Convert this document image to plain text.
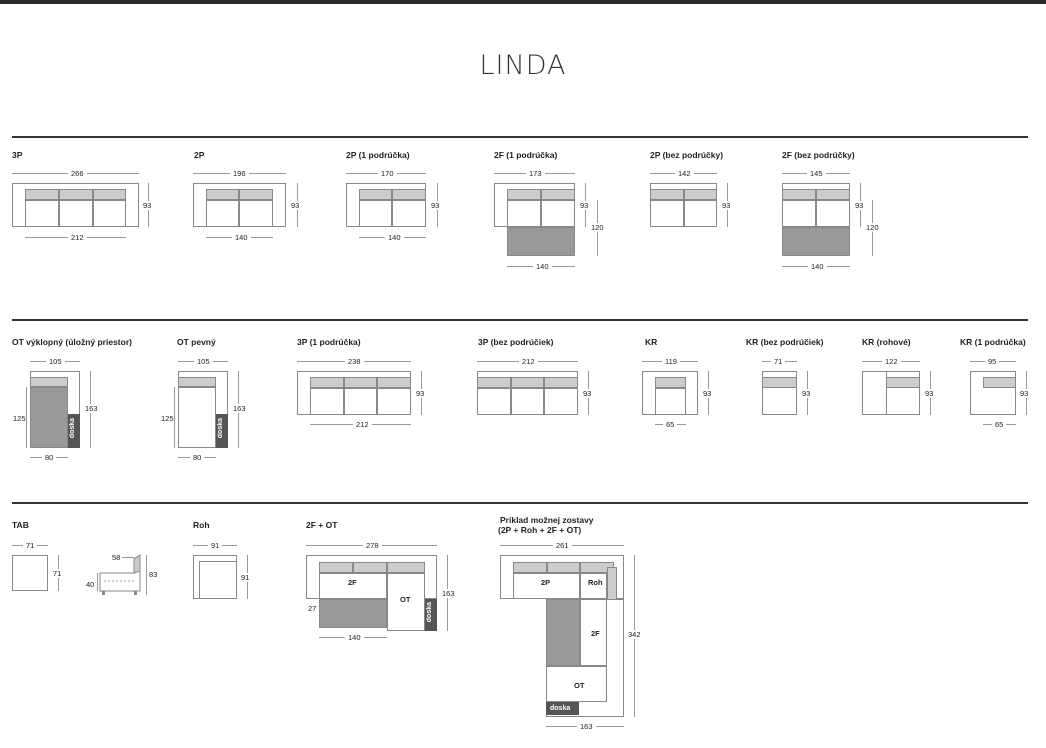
LINDA
3P
266
93
212
2P
196
93
140
2P (1 podrúčka)
170
93
140
2F (1 podrúčka)
173
93
120
140
2P (bez podrúčky)
142
93
2F (bez podrúčky)
145
93
120
140
OT výklopný (úložný priestor)
105
doska
125
163
80
OT pevný
105
doska
125
163
80
3P (1 podrúčka)
238
93
212
3P (bez podrúčiek)
212
93
KR
119
93
65
KR (bez podrúčiek)
71
93
KR (rohové)
122
93
KR (1 podrúčka)
95
93
65
TAB
71
71
58
40
83
Roh
91
91
2F + OT
278
2F
OT
doska
27
163
140
Príklad možnej zostavy
(2P + Roh + 2F + OT)
261
2P	Roh
2F
OT
doska
342
163
